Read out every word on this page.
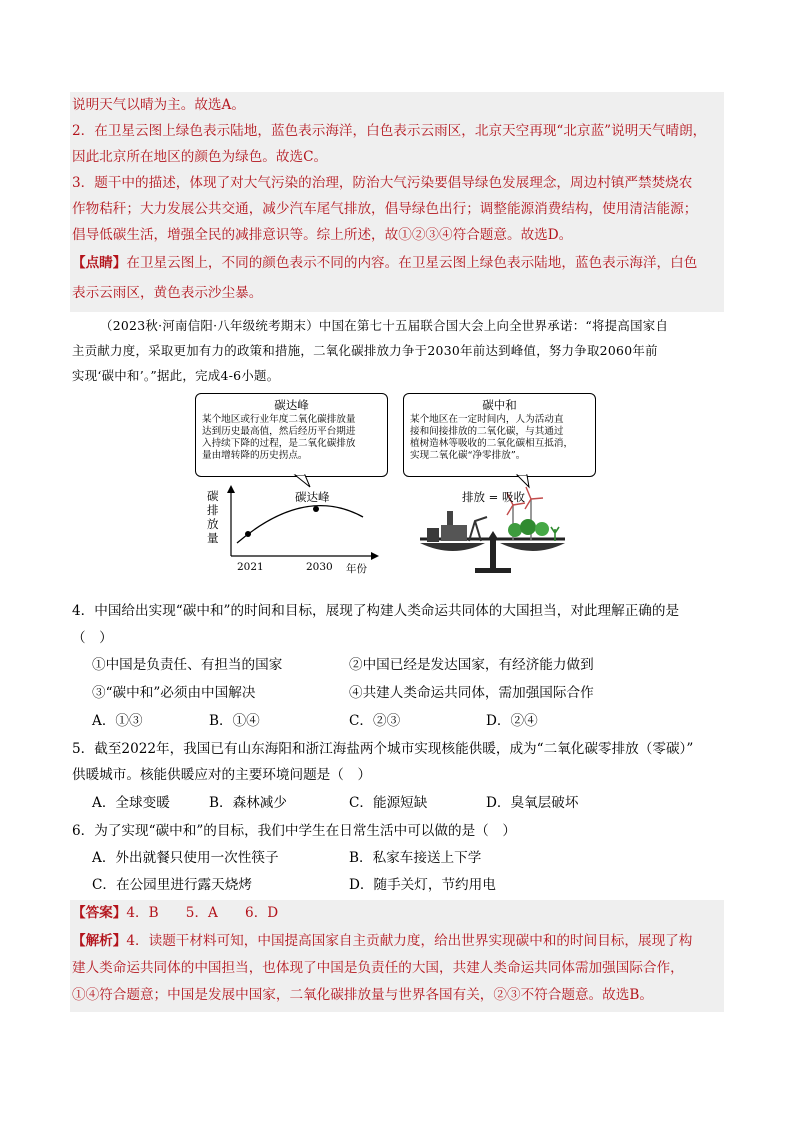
说明天气以晴为主。故选A。
2．在卫星云图上绿色表示陆地，蓝色表示海洋，白色表示云雨区，北京天空再现“北京蓝”说明天气晴朗，
因此北京所在地区的颜色为绿色。故选C。
3．题干中的描述，体现了对大气污染的治理，防治大气污染要倡导绿色发展理念，周边村镇严禁焚烧农
作物秸秆；大力发展公共交通，减少汽车尾气排放，倡导绿色出行；调整能源消费结构，使用清洁能源；
倡导低碳生活，增强全民的减排意识等。综上所述，故①②③④符合题意。故选D。
【点睛】在卫星云图上，不同的颜色表示不同的内容。在卫星云图上绿色表示陆地，蓝色表示海洋，白色
表示云雨区，黄色表示沙尘暴。
（2023秋·河南信阳·八年级统考期末）中国在第七十五届联合国大会上向全世界承诺：“将提高国家自
主贡献力度，采取更加有力的政策和措施，二氧化碳排放力争于2030年前达到峰值，努力争取2060年前
实现‘碳中和’。”据此，完成4-6小题。
碳达峰
某个地区或行业年度二氧化碳排放量
达到历史最高值，然后经历平台期进
入持续下降的过程，是二氧化碳排放
量由增转降的历史拐点。
碳中和
某个地区在一定时间内，人为活动直
接和间接排放的二氧化碳，与其通过
植树造林等吸收的二氧化碳相互抵消，
实现二氧化碳“净零排放”。
碳
排
放
量
碳达峰
2021	2030 年份
排放 = 吸收
4．中国给出实现“碳中和”的时间和目标，展现了构建人类命运共同体的大国担当，对此理解正确的是
（　）
①中国是负责任、有担当的国家	②中国已经是发达国家，有经济能力做到
③“碳中和”必须由中国解决	④共建人类命运共同体，需加强国际合作
A．①③	B．①④	C．②③	D．②④
5．截至2022年，我国已有山东海阳和浙江海盐两个城市实现核能供暖，成为“二氧化碳零排放（零碳）”
供暖城市。核能供暖应对的主要环境问题是（　）
A．全球变暖	B．森林减少	C．能源短缺	D．臭氧层破坏
6．为了实现“碳中和”的目标，我们中学生在日常生活中可以做的是（　）
A．外出就餐只使用一次性筷子	B．私家车接送上下学
C．在公园里进行露天烧烤	D．随手关灯，节约用电
【答案】4．B　　5．A　　6．D
【解析】4．读题干材料可知，中国提高国家自主贡献力度，给出世界实现碳中和的时间目标，展现了构
建人类命运共同体的中国担当，也体现了中国是负责任的大国，共建人类命运共同体需加强国际合作，
①④符合题意；中国是发展中国家，二氧化碳排放量与世界各国有关，②③不符合题意。故选B。
